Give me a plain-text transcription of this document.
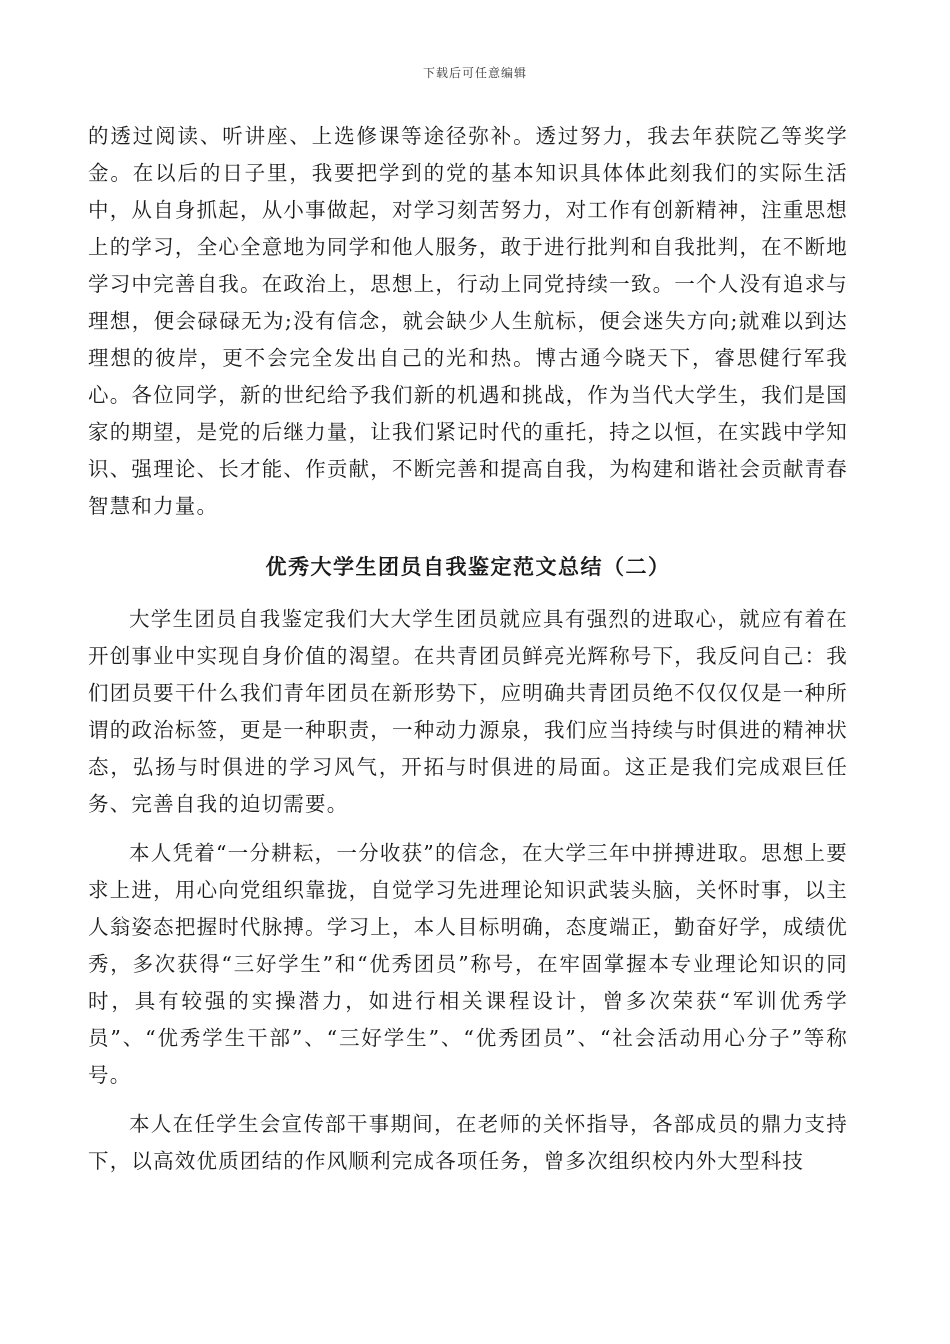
下载后可任意编辑

的透过阅读、听讲座、上选修课等途径弥补。透过努力，我去年获院乙等奖学金。在以后的日子里，我要把学到的党的基本知识具体体此刻我们的实际生活中，从自身抓起，从小事做起，对学习刻苦努力，对工作有创新精神，注重思想上的学习，全心全意地为同学和他人服务，敢于进行批判和自我批判，在不断地学习中完善自我。在政治上，思想上，行动上同党持续一致。一个人没有追求与理想，便会碌碌无为;没有信念，就会缺少人生航标，便会迷失方向;就难以到达理想的彼岸，更不会完全发出自己的光和热。博古通今晓天下，睿思健行军我心。各位同学，新的世纪给予我们新的机遇和挑战，作为当代大学生，我们是国家的期望，是党的后继力量，让我们紧记时代的重托，持之以恒，在实践中学知识、强理论、长才能、作贡献，不断完善和提高自我，为构建和谐社会贡献青春智慧和力量。

优秀大学生团员自我鉴定范文总结（二）

大学生团员自我鉴定我们大大学生团员就应具有强烈的进取心，就应有着在开创事业中实现自身价值的渴望。在共青团员鲜亮光辉称号下，我反问自己：我们团员要干什么我们青年团员在新形势下，应明确共青团员绝不仅仅仅是一种所谓的政治标签，更是一种职责，一种动力源泉，我们应当持续与时俱进的精神状态，弘扬与时俱进的学习风气，开拓与时俱进的局面。这正是我们完成艰巨任务、完善自我的迫切需要。

本人凭着“一分耕耘，一分收获”的信念，在大学三年中拼搏进取。思想上要求上进，用心向党组织靠拢，自觉学习先进理论知识武装头脑，关怀时事，以主人翁姿态把握时代脉搏。学习上，本人目标明确，态度端正，勤奋好学，成绩优秀，多次获得“三好学生”和“优秀团员”称号，在牢固掌握本专业理论知识的同时，具有较强的实操潜力，如进行相关课程设计，曾多次荣获“军训优秀学员”、“优秀学生干部”、“三好学生”、“优秀团员”、“社会活动用心分子”等称号。

本人在任学生会宣传部干事期间，在老师的关怀指导，各部成员的鼎力支持下，以高效优质团结的作风顺利完成各项任务，曾多次组织校内外大型科技
